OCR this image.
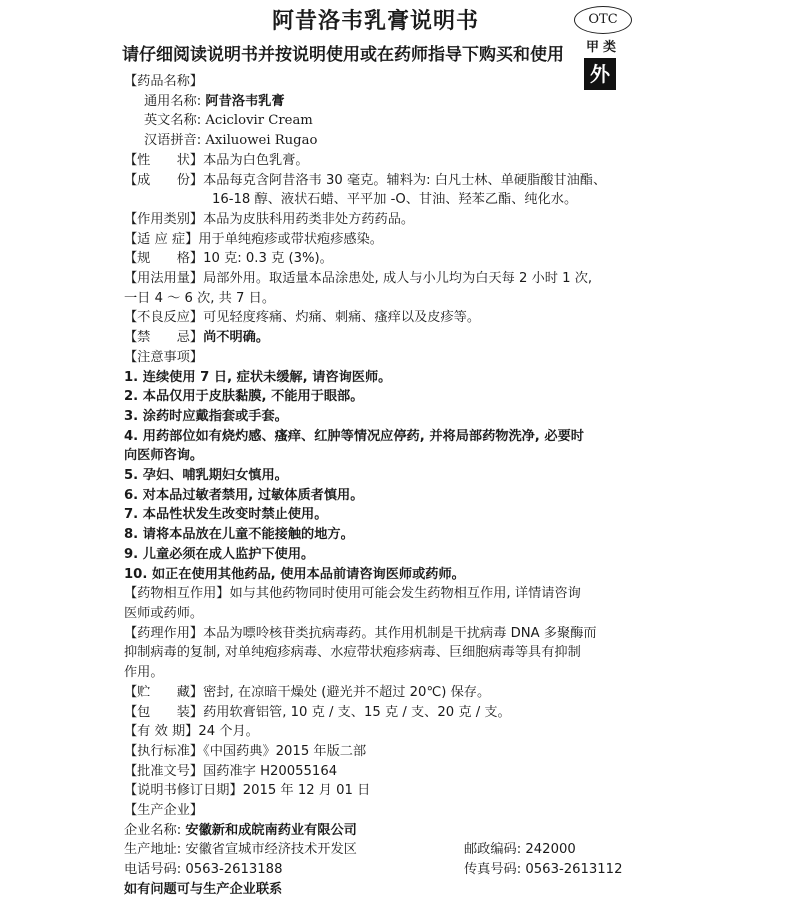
阿昔洛韦乳膏说明书	OTC
甲类
请仔细阅读说明书并按说明使用或在药师指导下购买和使用
外
【药品名称】
通用名称: 阿昔洛韦乳膏
英文名称: Aciclovir Cream
汉语拼音: Axiluowei Rugao
【性　　状】本品为白色乳膏。
【成　　份】本品每克含阿昔洛韦 30 毫克。辅料为: 白凡士林、单硬脂酸甘油酯、
16-18 醇、液状石蜡、平平加 -O、甘油、羟苯乙酯、纯化水。
【作用类别】本品为皮肤科用药类非处方药药品。
【适 应 症】用于单纯疱疹或带状疱疹感染。
【规　　格】10 克: 0.3 克 (3%)。
【用法用量】局部外用。取适量本品涂患处, 成人与小儿均为白天每 2 小时 1 次,
一日 4 ～ 6 次, 共 7 日。
【不良反应】可见轻度疼痛、灼痛、刺痛、瘙痒以及皮疹等。
【禁　　忌】尚不明确。
【注意事项】
1. 连续使用 7 日, 症状未缓解, 请咨询医师。
2. 本品仅用于皮肤黏膜, 不能用于眼部。
3. 涂药时应戴指套或手套。
4. 用药部位如有烧灼感、瘙痒、红肿等情况应停药, 并将局部药物洗净, 必要时
向医师咨询。
5. 孕妇、哺乳期妇女慎用。
6. 对本品过敏者禁用, 过敏体质者慎用。
7. 本品性状发生改变时禁止使用。
8. 请将本品放在儿童不能接触的地方。
9. 儿童必须在成人监护下使用。
10. 如正在使用其他药品, 使用本品前请咨询医师或药师。
【药物相互作用】如与其他药物同时使用可能会发生药物相互作用, 详情请咨询
医师或药师。
【药理作用】本品为嘌呤核苷类抗病毒药。其作用机制是干扰病毒 DNA 多聚酶而
抑制病毒的复制, 对单纯疱疹病毒、水痘带状疱疹病毒、巨细胞病毒等具有抑制
作用。
【贮　　藏】密封, 在凉暗干燥处 (避光并不超过 20℃) 保存。
【包　　装】药用软膏铝管, 10 克 / 支、15 克 / 支、20 克 / 支。
【有 效 期】24 个月。
【执行标准】《中国药典》2015 年版二部
【批准文号】国药准字 H20055164
【说明书修订日期】2015 年 12 月 01 日
【生产企业】
企业名称: 安徽新和成皖南药业有限公司
生产地址: 安徽省宣城市经济技术开发区	邮政编码: 242000
电话号码: 0563-2613188	传真号码: 0563-2613112
如有问题可与生产企业联系
